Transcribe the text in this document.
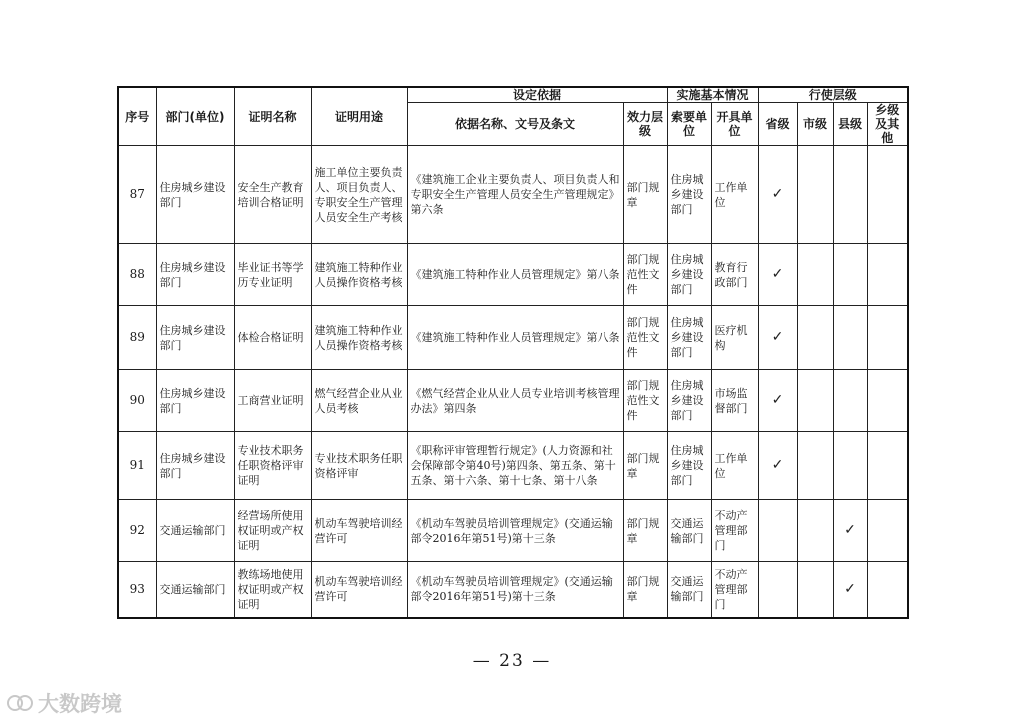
序号	部门(单位)	证明名称	证明用途	设定依据		实施基本情况		行使层级			
				依据名称、文号及条文	效力层级	索要单位	开具单位	省级	市级	县级	乡级及其他
87	住房城乡建设部门	安全生产教育培训合格证明	施工单位主要负责人、项目负责人、专职安全生产管理人员安全生产考核	《建筑施工企业主要负责人、项目负责人和专职安全生产管理人员安全生产管理规定》第六条	部门规章	住房城乡建设部门	工作单位	✓			
88	住房城乡建设部门	毕业证书等学历专业证明	建筑施工特种作业人员操作资格考核	《建筑施工特种作业人员管理规定》第八条	部门规范性文件	住房城乡建设部门	教育行政部门	✓			
89	住房城乡建设部门	体检合格证明	建筑施工特种作业人员操作资格考核	《建筑施工特种作业人员管理规定》第八条	部门规范性文件	住房城乡建设部门	医疗机构	✓			
90	住房城乡建设部门	工商营业证明	燃气经营企业从业人员考核	《燃气经营企业从业人员专业培训考核管理办法》第四条	部门规范性文件	住房城乡建设部门	市场监督部门	✓			
91	住房城乡建设部门	专业技术职务任职资格评审证明	专业技术职务任职资格评审	《职称评审管理暂行规定》(人力资源和社会保障部令第40号)第四条、第五条、第十五条、第十六条、第十七条、第十八条	部门规章	住房城乡建设部门	工作单位	✓			
92	交通运输部门	经营场所使用权证明或产权证明	机动车驾驶培训经营许可	《机动车驾驶员培训管理规定》(交通运输部令2016年第51号)第十三条	部门规章	交通运输部门	不动产管理部门			✓	
93	交通运输部门	教练场地使用权证明或产权证明	机动车驾驶培训经营许可	《机动车驾驶员培训管理规定》(交通运输部令2016年第51号)第十三条	部门规章	交通运输部门	不动产管理部门			✓	
— 23 —
大数跨境
